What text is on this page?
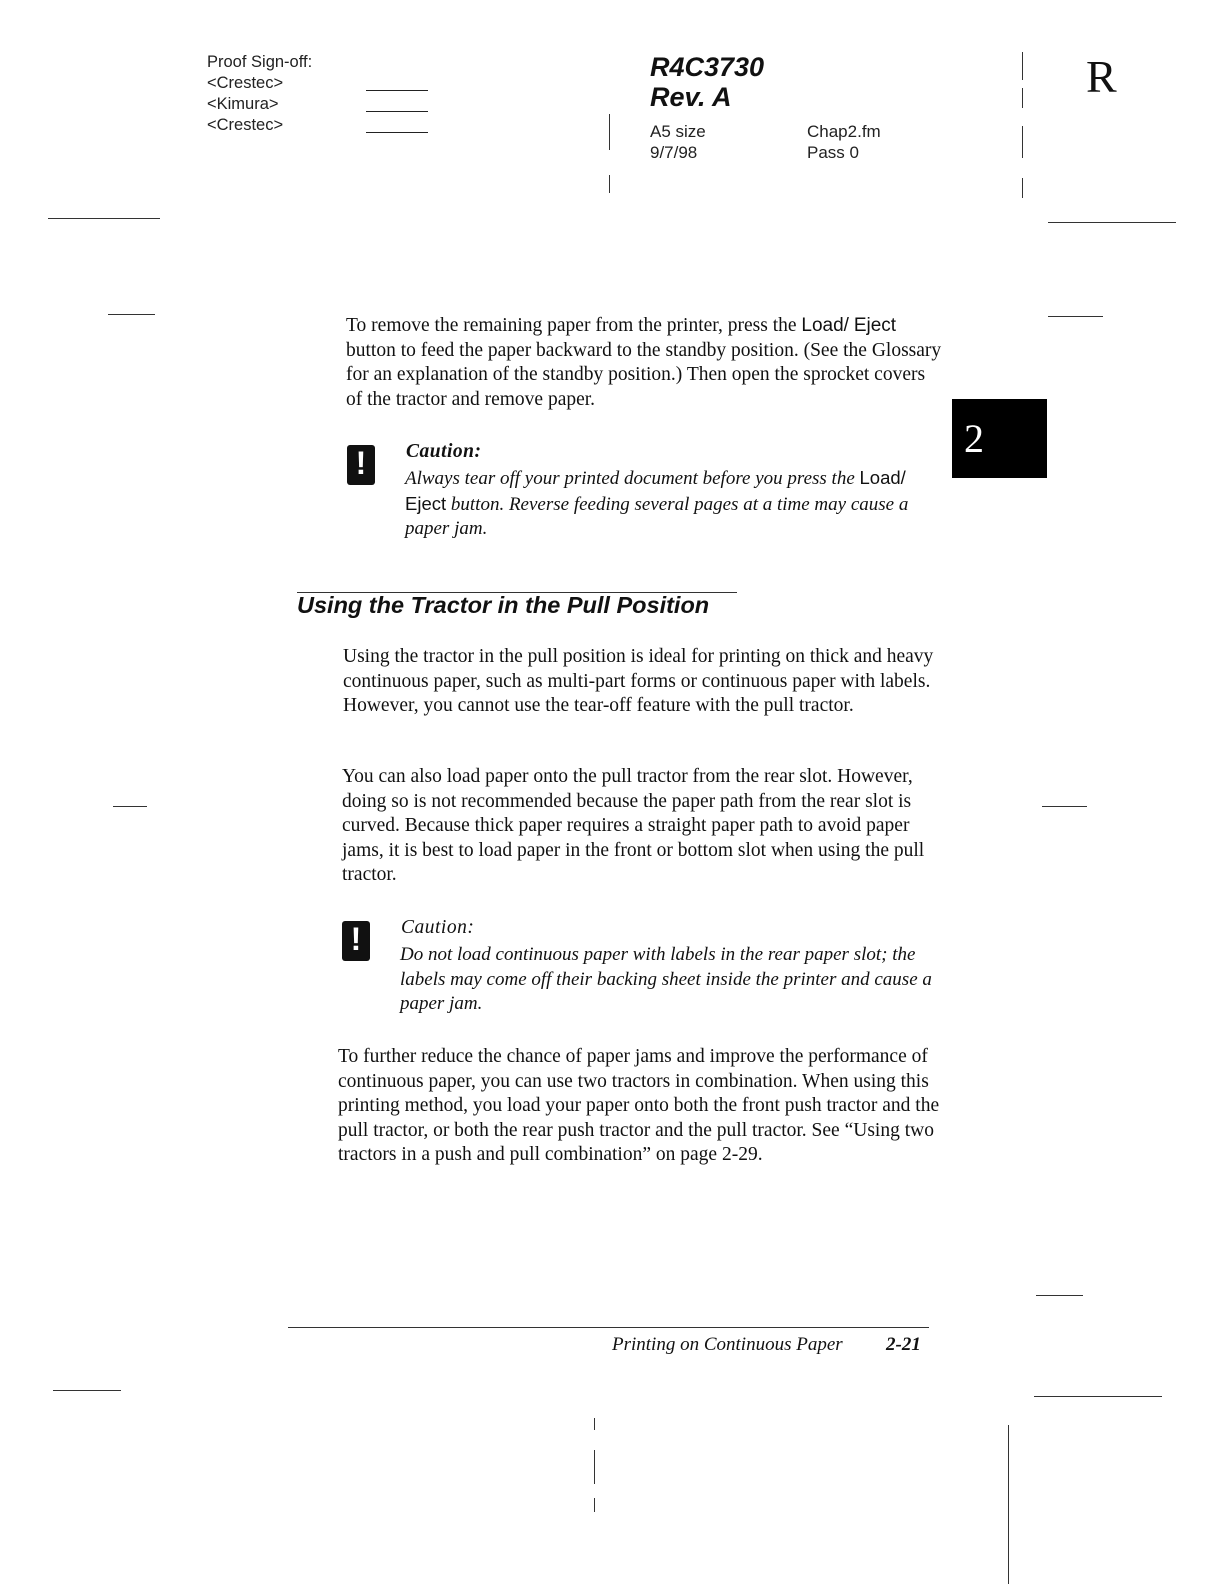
Proof Sign-off:
<Crestec>
<Kimura>
<Crestec>
R4C3730
Rev. A
A5 size
9/7/98
Chap2.fm
Pass 0
R
2
To remove the remaining paper from the printer, press the Load/ Eject button to feed the paper backward to the standby position. (See the Glossary for an explanation of the standby position.) Then open the sprocket covers of the tractor and remove paper.
!	Caution:
Always tear off your printed document before you press the Load/ Eject button. Reverse feeding several pages at a time may cause a paper jam.
Using the Tractor in the Pull Position
Using the tractor in the pull position is ideal for printing on thick and heavy continuous paper, such as multi-part forms or continuous paper with labels. However, you cannot use the tear-off feature with the pull tractor.
You can also load paper onto the pull tractor from the rear slot. However, doing so is not recommended because the paper path from the rear slot is curved. Because thick paper requires a straight paper path to avoid paper jams, it is best to load paper in the front or bottom slot when using the pull tractor.
!	Caution:
Do not load continuous paper with labels in the rear paper slot; the labels may come off their backing sheet inside the printer and cause a paper jam.
To further reduce the chance of paper jams and improve the performance of continuous paper, you can use two tractors in combination. When using this printing method, you load your paper onto both the front push tractor and the pull tractor, or both the rear push tractor and the pull tractor. See “Using two tractors in a push and pull combination” on page 2-29.
Printing on Continuous Paper 2-21
